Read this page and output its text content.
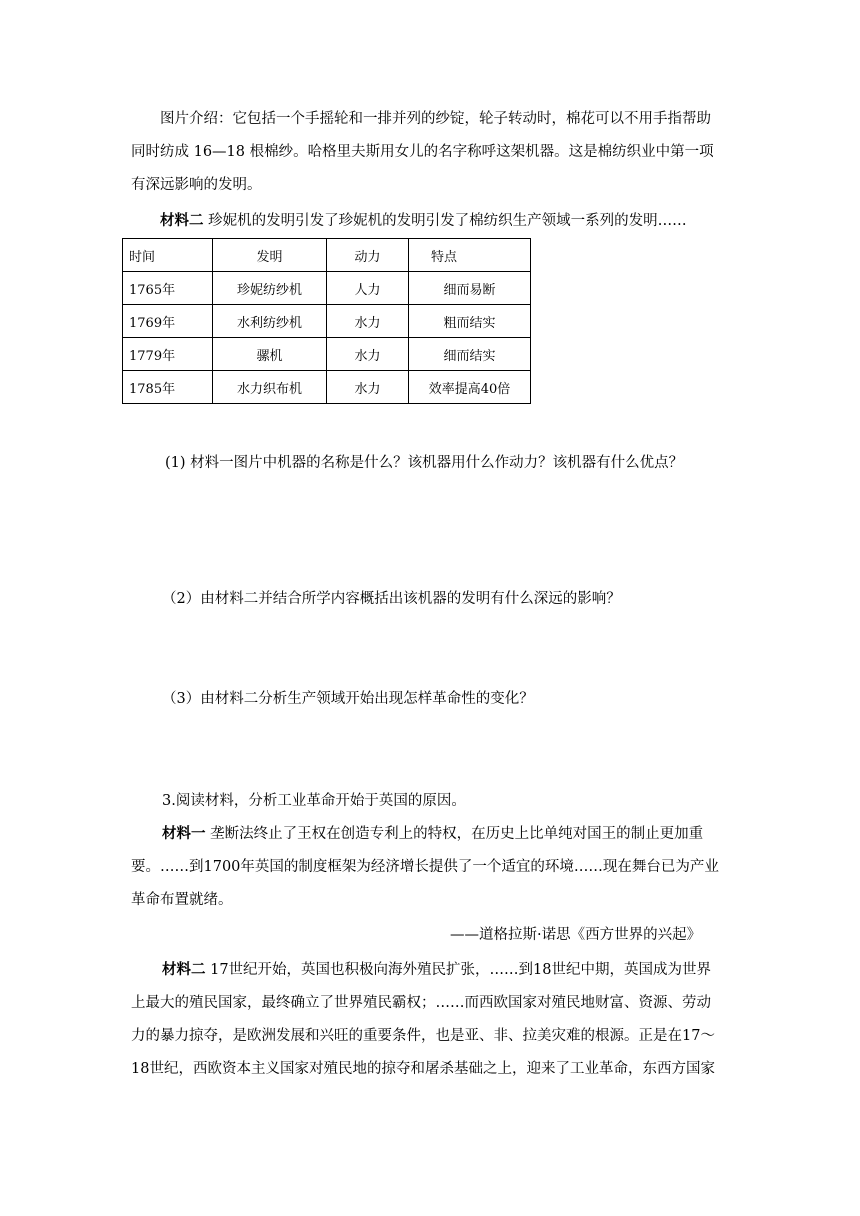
图片介绍：它包括一个手摇轮和一排并列的纱锭，轮子转动时，棉花可以不用手指帮助
同时纺成 16—18 根棉纱。哈格里夫斯用女儿的名字称呼这架机器。这是棉纺织业中第一项
有深远影响的发明。
材料二 珍妮机的发明引发了珍妮机的发明引发了棉纺织生产领域一系列的发明……
时间	发明	动力	特点
1765年	珍妮纺纱机	人力	细而易断
1769年	水利纺纱机	水力	粗而结实
1779年	骡机	水力	细而结实
1785年	水力织布机	水力	效率提高40倍
(1) 材料一图片中机器的名称是什么？该机器用什么作动力？该机器有什么优点？
（2）由材料二并结合所学内容概括出该机器的发明有什么深远的影响？
（3）由材料二分析生产领域开始出现怎样革命性的变化？
3.阅读材料，分析工业革命开始于英国的原因。
材料一 垄断法终止了王权在创造专利上的特权，在历史上比单纯对国王的制止更加重
要。……到1700年英国的制度框架为经济增长提供了一个适宜的环境……现在舞台已为产业
革命布置就绪。
——道格拉斯·诺思《西方世界的兴起》
材料二 17世纪开始，英国也积极向海外殖民扩张，……到18世纪中期，英国成为世界
上最大的殖民国家，最终确立了世界殖民霸权；……而西欧国家对殖民地财富、资源、劳动
力的暴力掠夺，是欧洲发展和兴旺的重要条件，也是亚、非、拉美灾难的根源。正是在17～
18世纪，西欧资本主义国家对殖民地的掠夺和屠杀基础之上，迎来了工业革命，东西方国家
